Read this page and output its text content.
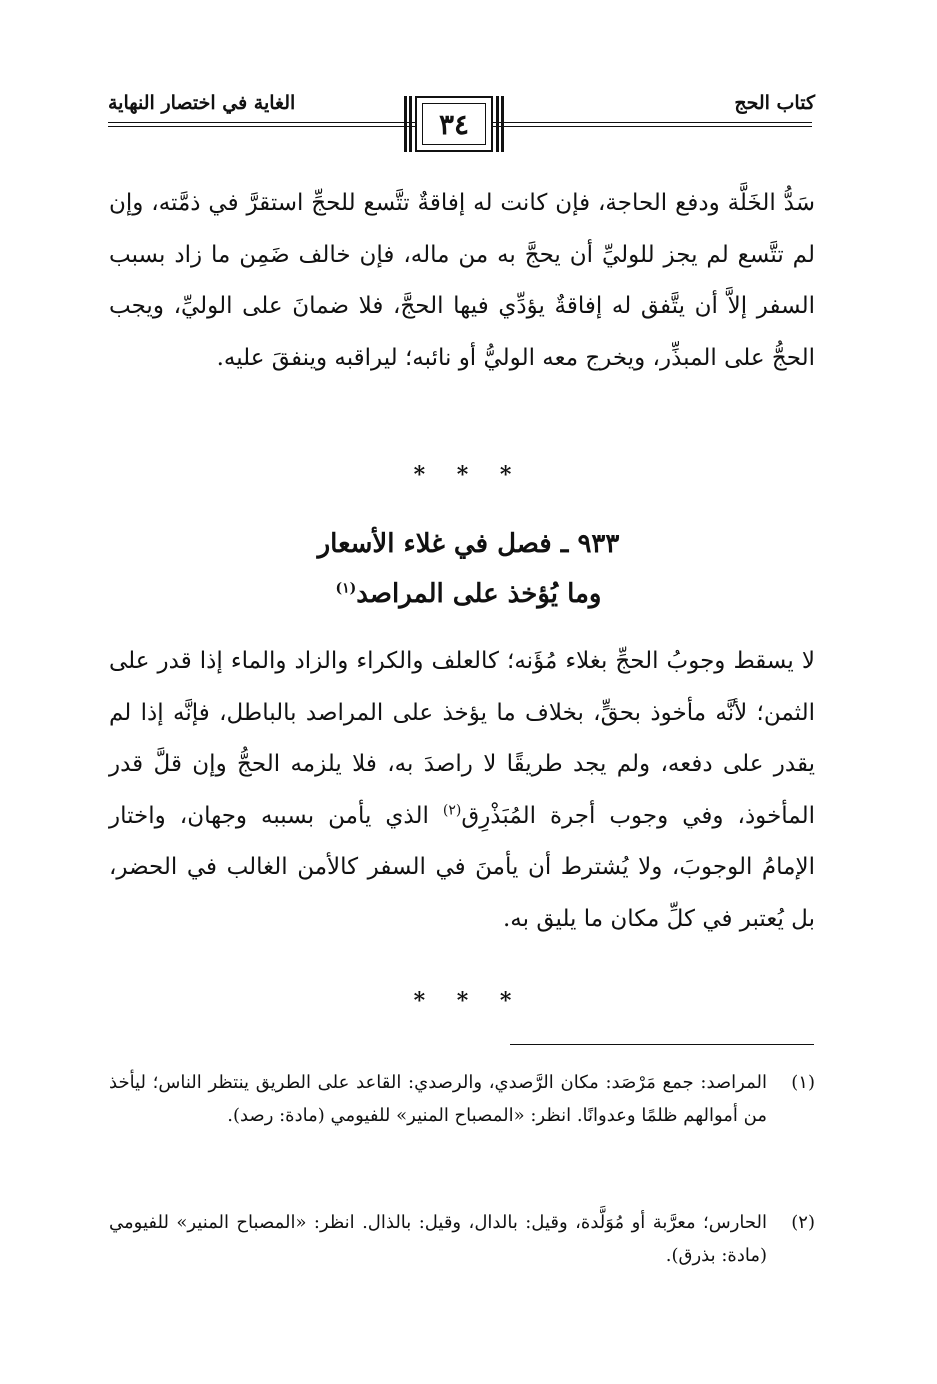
كتاب الحج
الغاية في اختصار النهاية
٣٤
سَدُّ الخَلَّة ودفع الحاجة، فإن كانت له إفاقةٌ تتَّسع للحجِّ استقرَّ في ذمَّته، وإن لم تتَّسع لم يجز للوليِّ أن يحجَّ به من ماله، فإن خالف ضَمِن ما زاد بسبب السفر إلاَّ أن يتَّفق له إفاقةٌ يؤدِّي فيها الحجَّ، فلا ضمانَ على الوليِّ، ويجب الحجُّ على المبذِّر، ويخرج معه الوليُّ أو نائبه؛ ليراقبه وينفقَ عليه.
* * *
٩٣٣ ـ فصل في غلاء الأسعار
وما يُؤخذ على المراصد$^{(١)}$
لا يسقط وجوبُ الحجِّ بغلاء مُؤَنه؛ كالعلف والكراء والزاد والماء إذا قدر على الثمن؛ لأنَّه مأخوذ بحقٍّ، بخلاف ما يؤخذ على المراصد بالباطل، فإنَّه إذا لم يقدر على دفعه، ولم يجد طريقًا لا راصدَ به، فلا يلزمه الحجُّ وإن قلَّ قدر المأخوذ، وفي وجوب أجرة المُبَذْرِق$^{(٢)}$ الذي يأمن بسببه وجهان، واختار الإمامُ الوجوبَ، ولا يُشترط أن يأمنَ في السفر كالأمن الغالب في الحضر، بل يُعتبر في كلِّ مكان ما يليق به.
* * *
(١)
المراصد: جمع مَرْصَد: مكان الرَّصدي، والرصدي: القاعد على الطريق ينتظر الناس؛ ليأخذ من أموالهم ظلمًا وعدوانًا. انظر: «المصباح المنير» للفيومي (مادة: رصد).
(٢)
الحارس؛ معرَّبة أو مُوَلَّدة، وقيل: بالدال، وقيل: بالذال. انظر: «المصباح المنير» للفيومي (مادة: بذرق).
